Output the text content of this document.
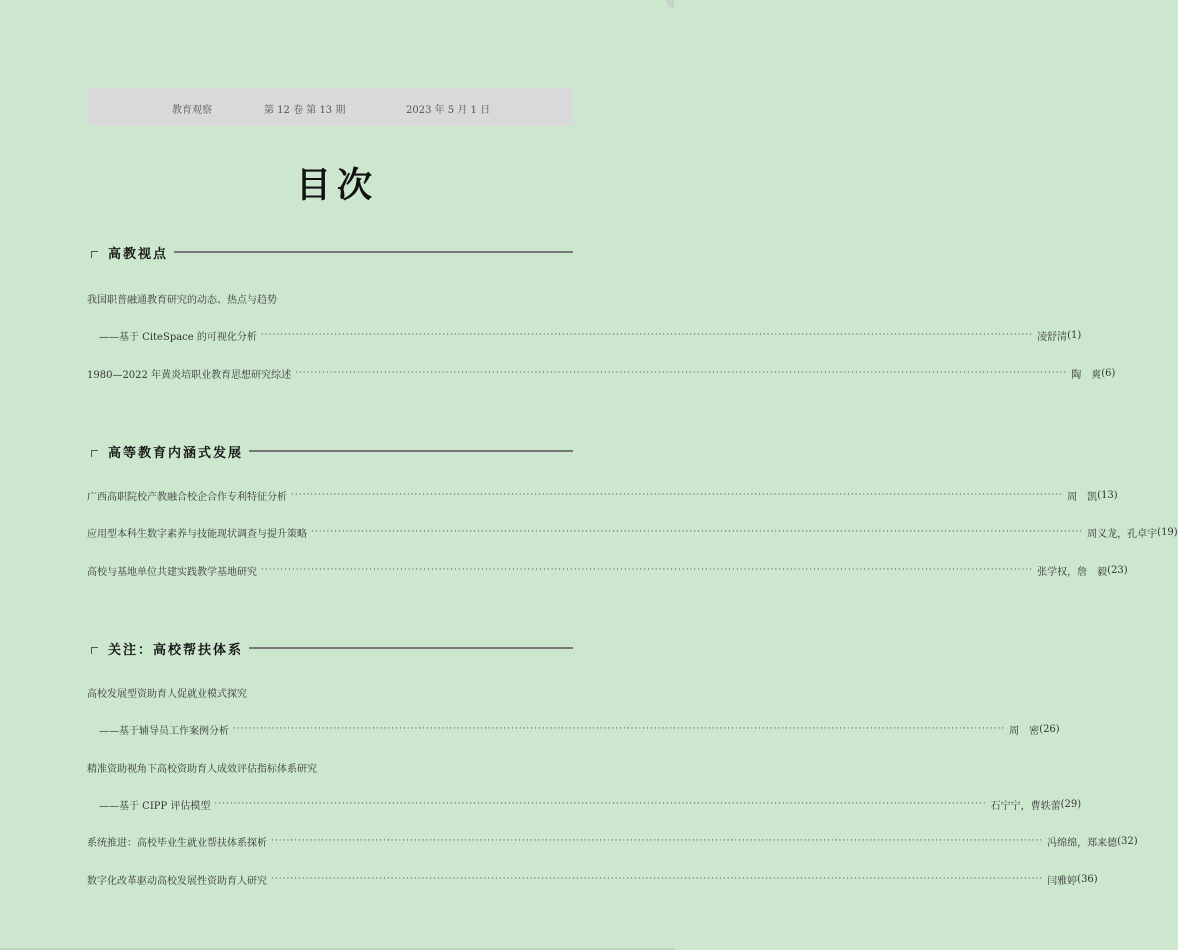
教育观察	第 12 卷 第 13 期	2023 年 5 月 1 日
目次
高教视点
我国职普融通教育研究的动态、热点与趋势
——基于 CiteSpace 的可视化分析 ········································································································································································································ 凌舒清 (1)
1980—2022 年黄炎培职业教育思想研究综述 ········································································································································································································ 陶　爽 (6)
高等教育内涵式发展
广西高职院校产教融合校企合作专利特征分析 ········································································································································································································ 周　凯 (13)
应用型本科生数字素养与技能现状调查与提升策略 ········································································································································································································ 周义龙，孔卓宇 (19)
高校与基地单位共建实践教学基地研究 ········································································································································································································ 张学权，詹　毅 (23)
关注：高校帮扶体系
高校发展型资助育人促就业模式探究
——基于辅导员工作案例分析 ········································································································································································································ 周　密 (26)
精准资助视角下高校资助育人成效评估指标体系研究
——基于 CIPP 评估模型 ········································································································································································································ 石宁宁，曹轶蕾 (29)
系统推进：高校毕业生就业帮扶体系探析 ········································································································································································································ 冯绵绵，郑来德 (32)
数字化改革驱动高校发展性资助育人研究 ········································································································································································································ 闫雅婷 (36)
